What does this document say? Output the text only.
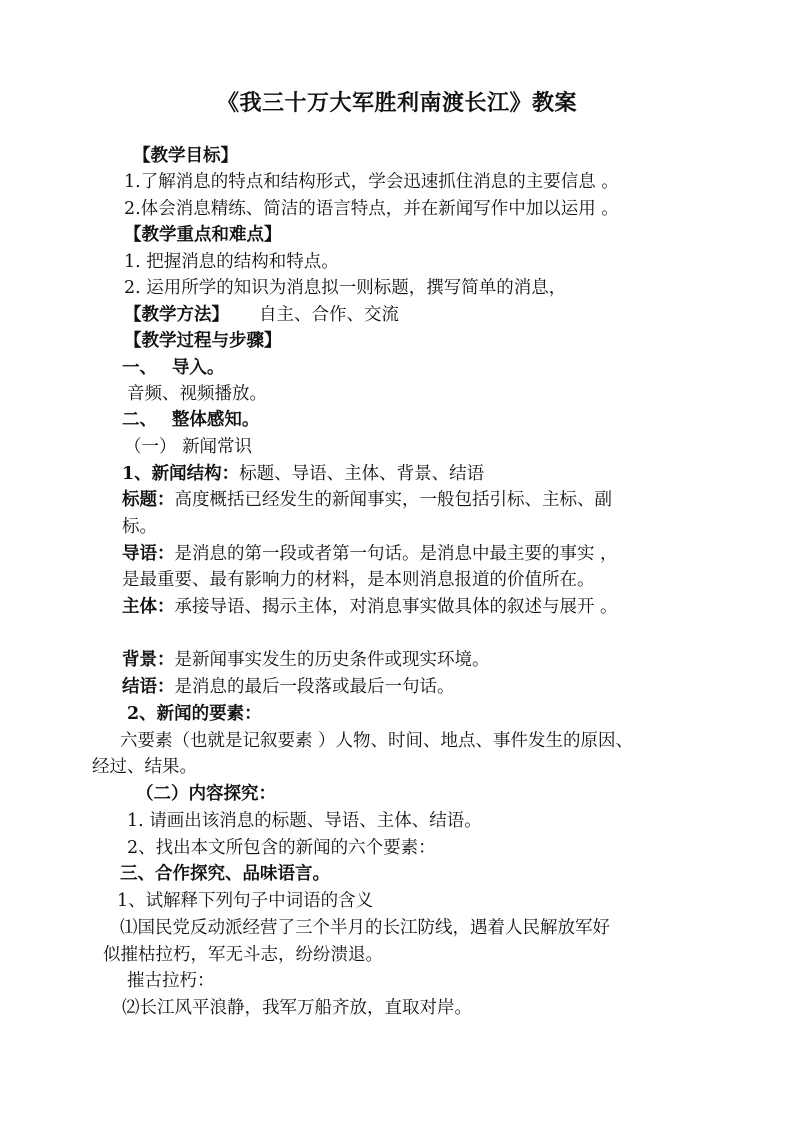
《我三十万大军胜利南渡长江》教案
【教学目标】
1.了解消息的特点和结构形式，学会迅速抓住消息的主要信息 。
2.体会消息精练、简洁的语言特点，并在新闻写作中加以运用 。
【教学重点和难点】
1. 把握消息的结构和特点。
2. 运用所学的知识为消息拟一则标题，撰写简单的消息，
【教学方法】 自主、合作、交流
【教学过程与步骤】
一、　 导入。
音频、视频播放。
二、　 整体感知。
（一） 新闻常识
1、新闻结构：标题、导语、主体、背景、结语
标题：高度概括已经发生的新闻事实，一般包括引标、主标、副
标。
导语：是消息的第一段或者第一句话。是消息中最主要的事实 ，
是最重要、最有影响力的材料，是本则消息报道的价值所在。
主体：承接导语、揭示主体，对消息事实做具体的叙述与展开 。
背景：是新闻事实发生的历史条件或现实环境。
结语：是消息的最后一段落或最后一句话。
2、新闻的要素：
六要素（也就是记叙要素 ）人物、时间、地点、事件发生的原因、
经过、结果。
（二）内容探究：
1. 请画出该消息的标题、导语、主体、结语。
2、找出本文所包含的新闻的六个要素：
三、合作探究、品味语言。
1、试解释下列句子中词语的含义
⑴国民党反动派经营了三个半月的长江防线，遇着人民解放军好
似摧枯拉朽，军无斗志，纷纷溃退。
摧古拉朽：
⑵长江风平浪静，我军万船齐放，直取对岸。
